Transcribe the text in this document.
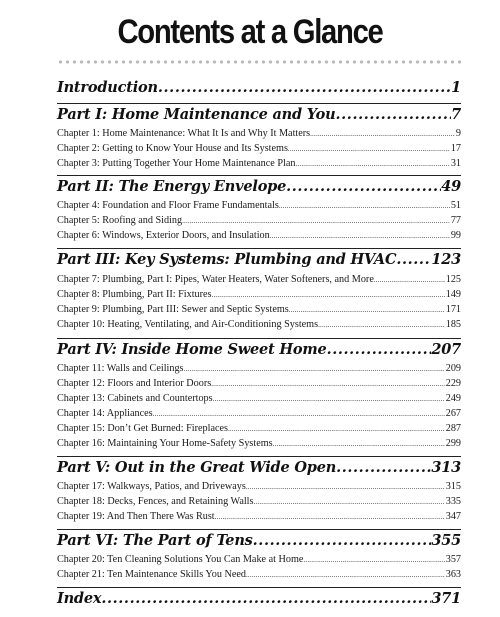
Contents at a Glance
Introduction .....	1
Part I: Home Maintenance and You .....	7
Chapter 1: Home Maintenance: What It Is and Why It Matters .....	9
Chapter 2: Getting to Know Your House and Its Systems .....	17
Chapter 3: Putting Together Your Home Maintenance Plan .....	31
Part II: The Energy Envelope .....	49
Chapter 4: Foundation and Floor Frame Fundamentals .....	51
Chapter 5: Roofing and Siding .....	77
Chapter 6: Windows, Exterior Doors, and Insulation .....	99
Part III: Key Systems: Plumbing and HVAC ..... 123
Chapter 7: Plumbing, Part I: Pipes, Water Heaters, Water Softeners, and More .....	125
Chapter 8: Plumbing, Part II: Fixtures .....	149
Chapter 9: Plumbing, Part III: Sewer and Septic Systems .....	171
Chapter 10: Heating, Ventilating, and Air-Conditioning Systems .....	185
Part IV: Inside Home Sweet Home .....	207
Chapter 11: Walls and Ceilings .....	209
Chapter 12: Floors and Interior Doors .....	229
Chapter 13: Cabinets and Countertops .....	249
Chapter 14: Appliances .....	267
Chapter 15: Don’t Get Burned: Fireplaces .....	287
Chapter 16: Maintaining Your Home-Safety Systems .....	299
Part V: Out in the Great Wide Open .....	313
Chapter 17: Walkways, Patios, and Driveways .....	315
Chapter 18: Decks, Fences, and Retaining Walls .....	335
Chapter 19: And Then There Was Rust .....	347
Part VI: The Part of Tens .....	355
Chapter 20: Ten Cleaning Solutions You Can Make at Home .....	357
Chapter 21: Ten Maintenance Skills You Need .....	363
Index .....	371
